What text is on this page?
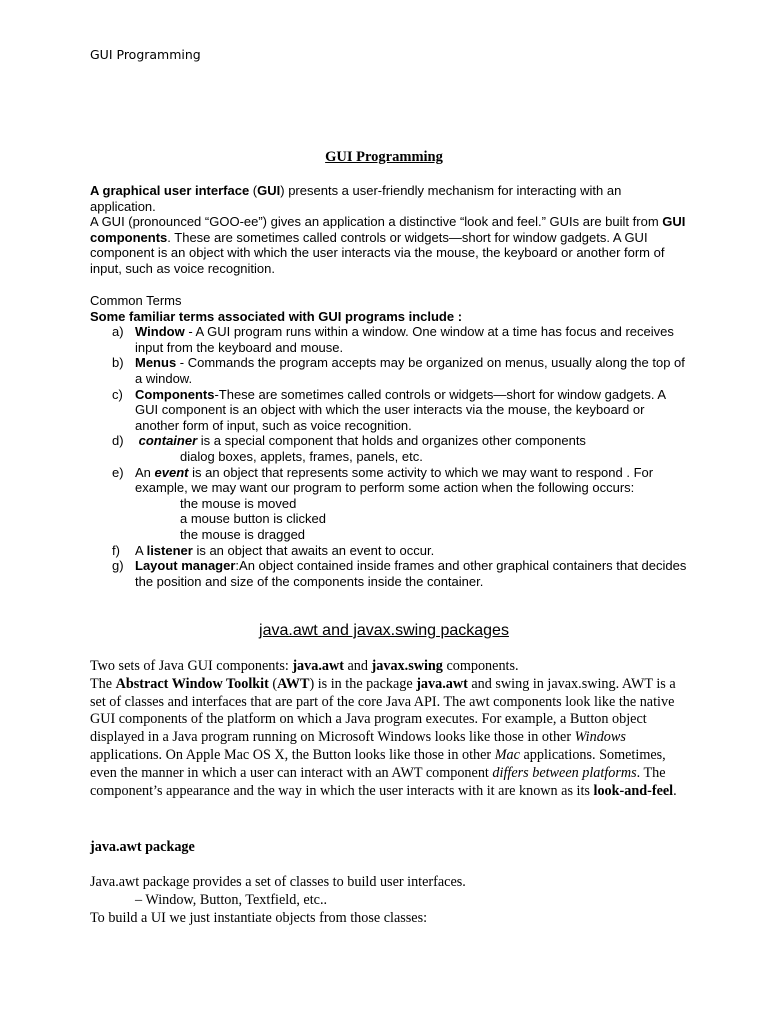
GUI Programming
GUI Programming

A graphical user interface (GUI) presents a user-friendly mechanism for interacting with an application.

A GUI (pronounced “GOO-ee”) gives an application a distinctive “look and feel.” GUIs are built from GUI components. These are sometimes called controls or widgets—short for window gadgets. A GUI component is an object with which the user interacts via the mouse, the keyboard or another form of input, such as voice recognition.

Common Terms

Some familiar terms associated with GUI programs include :

a) Window - A GUI program runs within a window. One window at a time has focus and receives input from the keyboard and mouse.
b) Menus - Commands the program accepts may be organized on menus, usually along the top of a window.
c) Components-These are sometimes called controls or widgets—short for window gadgets. A GUI component is an object with which the user interacts via the mouse, the keyboard or another form of input, such as voice recognition.
d) container is a special component that holds and organizes other components
dialog boxes, applets, frames, panels, etc.
e) An event is an object that represents some activity to which we may want to respond . For example, we may want our program to perform some action when the following occurs:
the mouse is moved
a mouse button is clicked
the mouse is dragged
f) A listener is an object that awaits an event to occur.
g) Layout manager:An object contained inside frames and other graphical containers that decides the position and size of the components inside the container.
java.awt and javax.swing packages

Two sets of Java GUI components: java.awt and javax.swing components.

The Abstract Window Toolkit (AWT) is in the package java.awt and swing in javax.swing. AWT is a set of classes and interfaces that are part of the core Java API. The awt components look like the native GUI components of the platform on which a Java program executes. For example, a Button object displayed in a Java program running on Microsoft Windows looks like those in other Windows applications. On Apple Mac OS X, the Button looks like those in other Mac applications. Sometimes, even the manner in which a user can interact with an AWT component differs between platforms. The component’s appearance and the way in which the user interacts with it are known as its look-and-feel.

java.awt package

Java.awt package provides a set of classes to build user interfaces.

– Window, Button, Textfield, etc..

To build a UI we just instantiate objects from those classes:
